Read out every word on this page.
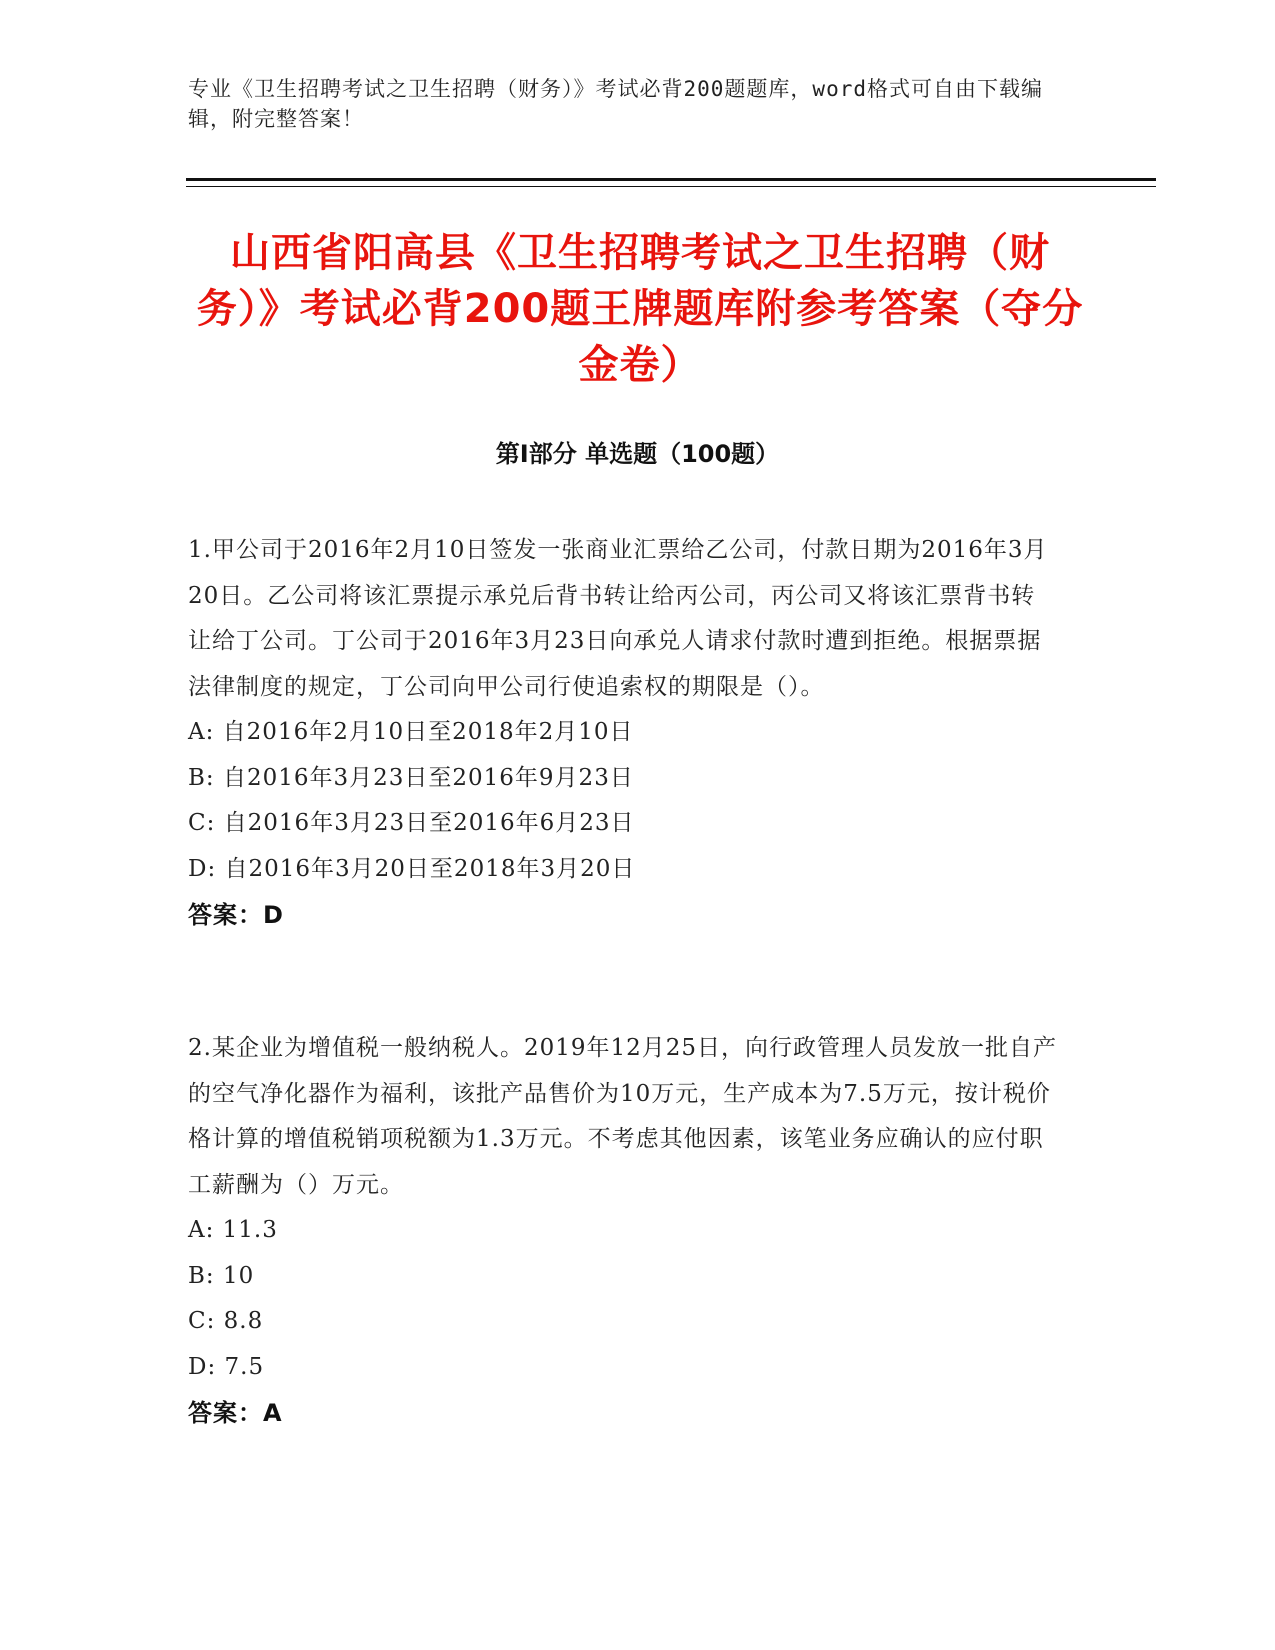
专业《卫生招聘考试之卫生招聘（财务）》考试必背200题题库，word格式可自由下载编辑，附完整答案！
山西省阳高县《卫生招聘考试之卫生招聘（财务）》考试必背200题王牌题库附参考答案（夺分金卷）
第I部分 单选题（100题）

1.甲公司于2016年2月10日签发一张商业汇票给乙公司，付款日期为2016年3月20日。乙公司将该汇票提示承兑后背书转让给丙公司，丙公司又将该汇票背书转让给丁公司。丁公司于2016年3月23日向承兑人请求付款时遭到拒绝。根据票据法律制度的规定，丁公司向甲公司行使追索权的期限是（）。

A: 自2016年2月10日至2018年2月10日

B: 自2016年3月23日至2016年9月23日

C: 自2016年3月23日至2016年6月23日

D: 自2016年3月20日至2018年3月20日

答案：D

2.某企业为增值税一般纳税人。2019年12月25日，向行政管理人员发放一批自产的空气净化器作为福利，该批产品售价为10万元，生产成本为7.5万元，按计税价格计算的增值税销项税额为1.3万元。不考虑其他因素，该笔业务应确认的应付职工薪酬为（）万元。

A: 11.3

B: 10

C: 8.8

D: 7.5

答案：A
